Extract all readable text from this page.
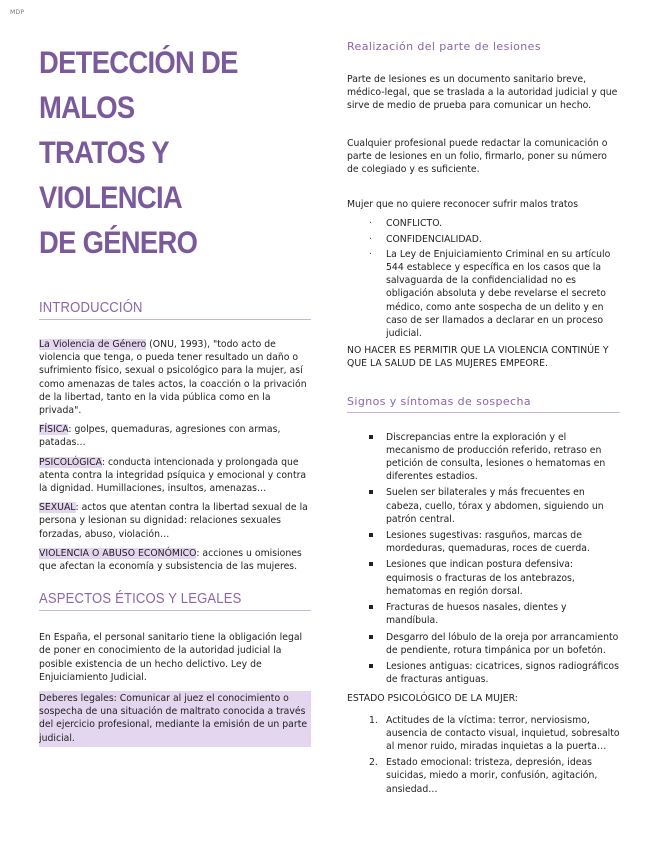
MDP
DETECCIÓN DE MALOS
TRATOS Y VIOLENCIA
DE GÉNERO
INTRODUCCIÓN

La Violencia de Género (ONU, 1993), "todo acto de violencia que tenga, o pueda tener resultado un daño o sufrimiento físico, sexual o psicológico para la mujer, así como amenazas de tales actos, la coacción o la privación de la libertad, tanto en la vida pública como en la privada".

FÍSICA: golpes, quemaduras, agresiones con armas, patadas…

PSICOLÓGICA: conducta intencionada y prolongada que atenta contra la integridad psíquica y emocional y contra la dignidad. Humillaciones, insultos, amenazas…

SEXUAL: actos que atentan contra la libertad sexual de la persona y lesionan su dignidad: relaciones sexuales forzadas, abuso, violación…

VIOLENCIA O ABUSO ECONÓMICO: acciones u omisiones que afectan la economía y subsistencia de las mujeres.

ASPECTOS ÉTICOS Y LEGALES

En España, el personal sanitario tiene la obligación legal de poner en conocimiento de la autoridad judicial la posible existencia de un hecho delictivo. Ley de Enjuiciamiento Judicial.

Deberes legales: Comunicar al juez el conocimiento o sospecha de una situación de maltrato conocida a través del ejercicio profesional, mediante la emisión de un parte judicial.

Realización del parte de lesiones

Parte de lesiones es un documento sanitario breve, médico-legal, que se traslada a la autoridad judicial y que sirve de medio de prueba para comunicar un hecho.

Cualquier profesional puede redactar la comunicación o parte de lesiones en un folio, firmarlo, poner su número de colegiado y es suficiente.

Mujer que no quiere reconocer sufrir malos tratos

· CONFLICTO.
· CONFIDENCIALIDAD.
· La Ley de Enjuiciamiento Criminal en su artículo 544 establece y específica en los casos que la salvaguarda de la confidencialidad no es obligación absoluta y debe revelarse el secreto médico, como ante sospecha de un delito y en caso de ser llamados a declarar en un proceso judicial.

NO HACER ES PERMITIR QUE LA VIOLENCIA CONTINÚE Y QUE LA SALUD DE LAS MUJERES EMPEORE.

Signos y síntomas de sospecha
Discrepancias entre la exploración y el mecanismo de producción referido, retraso en petición de consulta, lesiones o hematomas en diferentes estadios.
Suelen ser bilaterales y más frecuentes en cabeza, cuello, tórax y abdomen, siguiendo un patrón central.
Lesiones sugestivas: rasguños, marcas de mordeduras, quemaduras, roces de cuerda.
Lesiones que indican postura defensiva: equimosis o fracturas de los antebrazos, hematomas en región dorsal.
Fracturas de huesos nasales, dientes y mandíbula.
Desgarro del lóbulo de la oreja por arrancamiento de pendiente, rotura timpánica por un bofetón.
Lesiones antiguas: cicatrices, signos radiográficos de fracturas antiguas.

ESTADO PSICOLÓGICO DE LA MUJER:

1. Actitudes de la víctima: terror, nerviosismo, ausencia de contacto visual, inquietud, sobresalto al menor ruido, miradas inquietas a la puerta…
2. Estado emocional: tristeza, depresión, ideas suicidas, miedo a morir, confusión, agitación, ansiedad…
